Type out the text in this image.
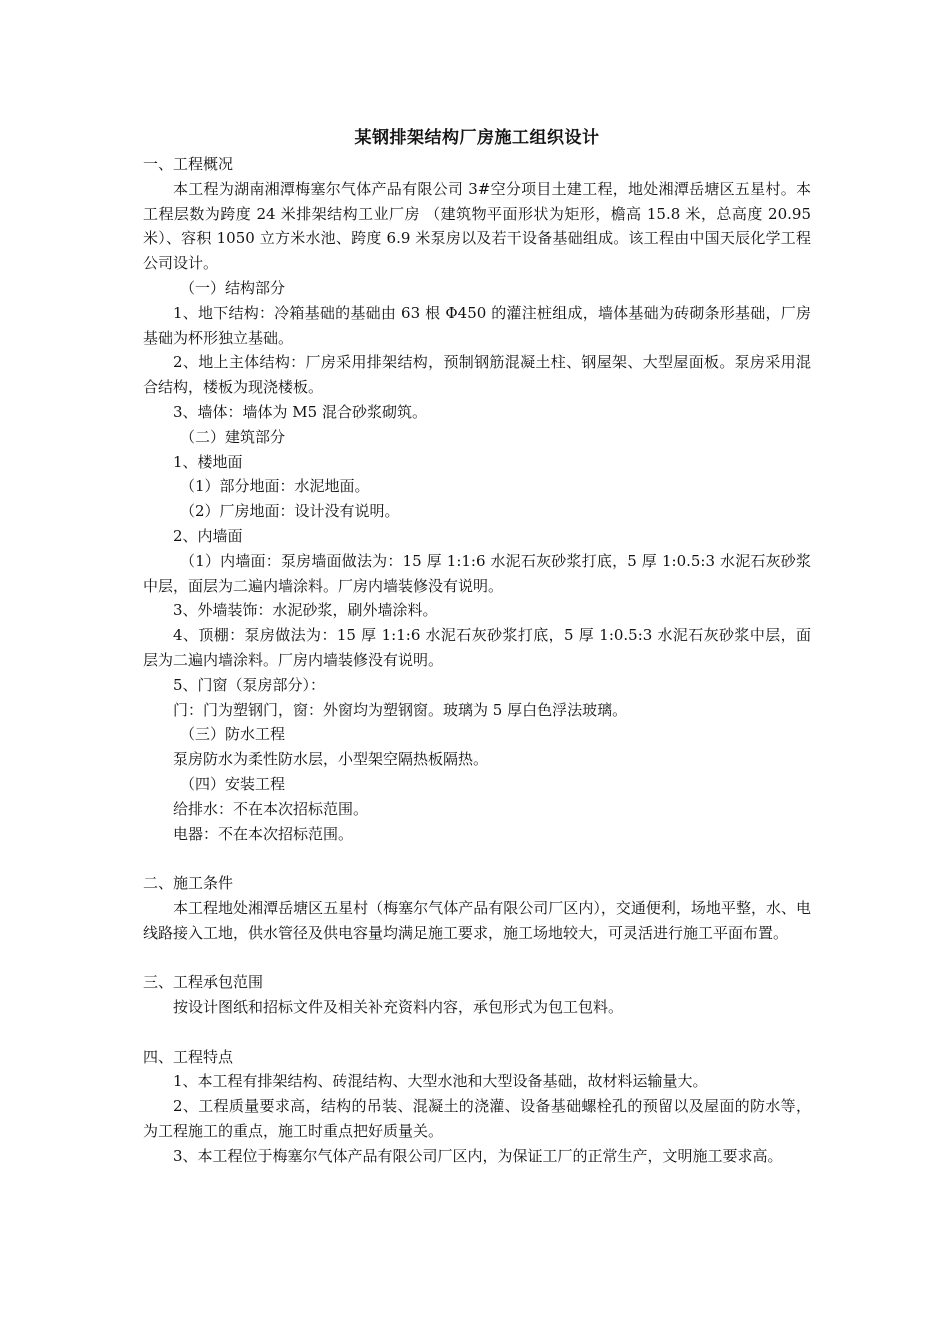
某钢排架结构厂房施工组织设计

一、工程概况

本工程为湖南湘潭梅塞尔气体产品有限公司 3#空分项目土建工程，地处湘潭岳塘区五星村。本工程层数为跨度 24 米排架结构工业厂房 （建筑物平面形状为矩形，檐高 15.8 米，总高度 20.95 米）、容积 1050 立方米水池、跨度 6.9 米泵房以及若干设备基础组成。该工程由中国天辰化学工程公司设计。

（一）结构部分

1、地下结构：冷箱基础的基础由 63 根 Φ450 的灌注桩组成，墙体基础为砖砌条形基础，厂房基础为杯形独立基础。

2、地上主体结构：厂房采用排架结构，预制钢筋混凝土柱、钢屋架、大型屋面板。泵房采用混合结构，楼板为现浇楼板。

3、墙体：墙体为 M5 混合砂浆砌筑。

（二）建筑部分

1、楼地面

（1）部分地面：水泥地面。

（2）厂房地面：设计没有说明。

2、内墙面

（1）内墙面：泵房墙面做法为：15 厚 1:1:6 水泥石灰砂浆打底，5 厚 1:0.5:3 水泥石灰砂浆中层，面层为二遍内墙涂料。厂房内墙装修没有说明。

3、外墙装饰：水泥砂浆，刷外墙涂料。

4、顶棚：泵房做法为：15 厚 1:1:6 水泥石灰砂浆打底，5 厚 1:0.5:3 水泥石灰砂浆中层，面层为二遍内墙涂料。厂房内墙装修没有说明。

5、门窗（泵房部分）：

门：门为塑钢门，窗：外窗均为塑钢窗。玻璃为 5 厚白色浮法玻璃。

（三）防水工程

泵房防水为柔性防水层，小型架空隔热板隔热。

（四）安装工程

给排水：不在本次招标范围。

电器：不在本次招标范围。

二、施工条件

本工程地处湘潭岳塘区五星村（梅塞尔气体产品有限公司厂区内），交通便利，场地平整，水、电线路接入工地，供水管径及供电容量均满足施工要求，施工场地较大，可灵活进行施工平面布置。

三、工程承包范围

按设计图纸和招标文件及相关补充资料内容，承包形式为包工包料。

四、工程特点

1、本工程有排架结构、砖混结构、大型水池和大型设备基础，故材料运输量大。

2、工程质量要求高，结构的吊装、混凝土的浇灌、设备基础螺栓孔的预留以及屋面的防水等，为工程施工的重点，施工时重点把好质量关。

3、本工程位于梅塞尔气体产品有限公司厂区内，为保证工厂的正常生产，文明施工要求高。
